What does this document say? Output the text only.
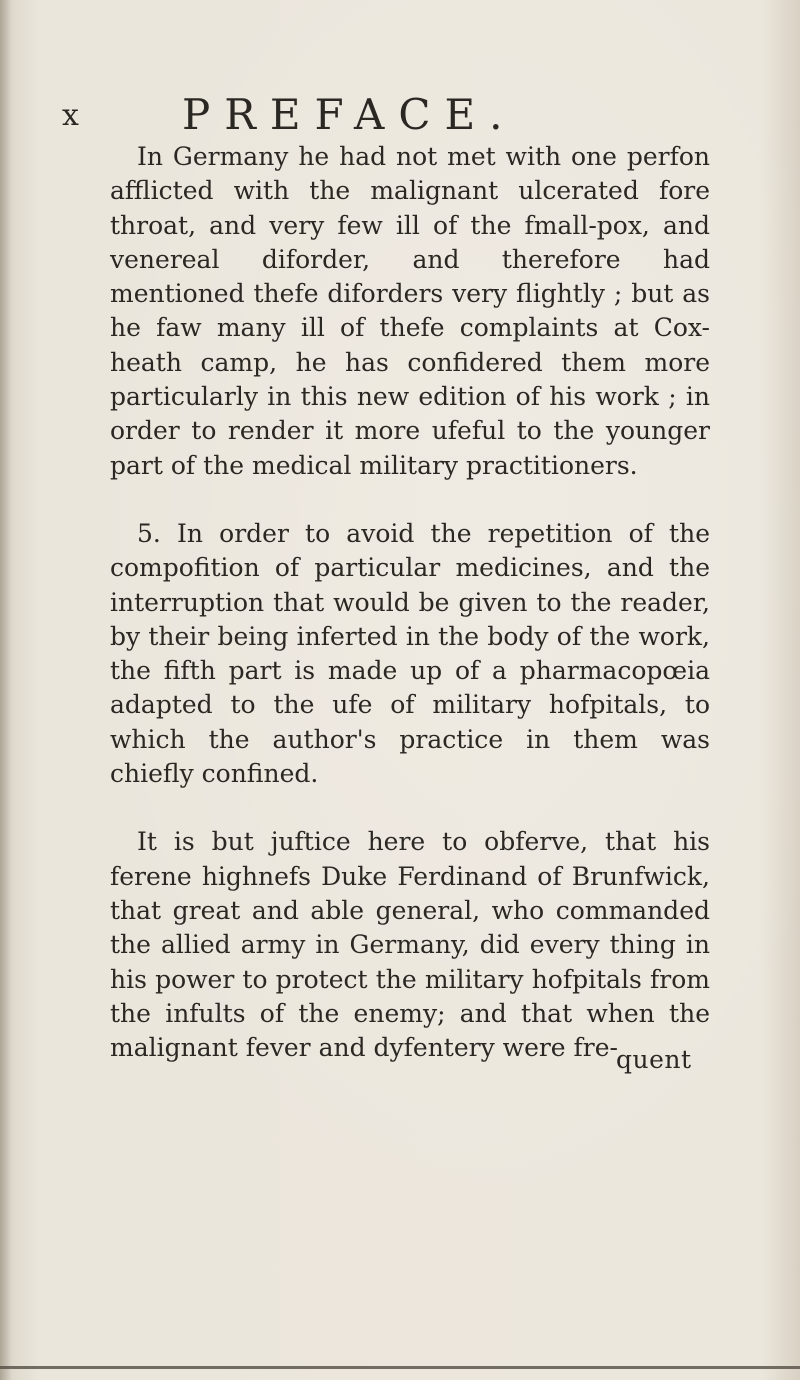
x PREFACE.

In Germany he had not met with one perfon afflicted with the malignant ulcerated fore throat, and very few ill of the fmall-pox, and venereal diforder, and therefore had mentioned thefe diforders very flightly ; but as he faw many ill of thefe complaints at Cox-heath camp, he has confidered them more particularly in this new edition of his work ; in order to render it more ufeful to the younger part of the medical military practitioners.

5. In order to avoid the repetition of the compofition of particular medicines, and the interruption that would be given to the reader, by their being inferted in the body of the work, the fifth part is made up of a pharmacopœia adapted to the ufe of military hofpitals, to which the author's practice in them was chiefly confined.

It is but juftice here to obferve, that his ferene highnefs Duke Ferdinand of Brunfwick, that great and able general, who commanded the allied army in Germany, did every thing in his power to protect the military hofpitals from the infults of the enemy; and that when the malignant fever and dyfentery were fre-

quent
